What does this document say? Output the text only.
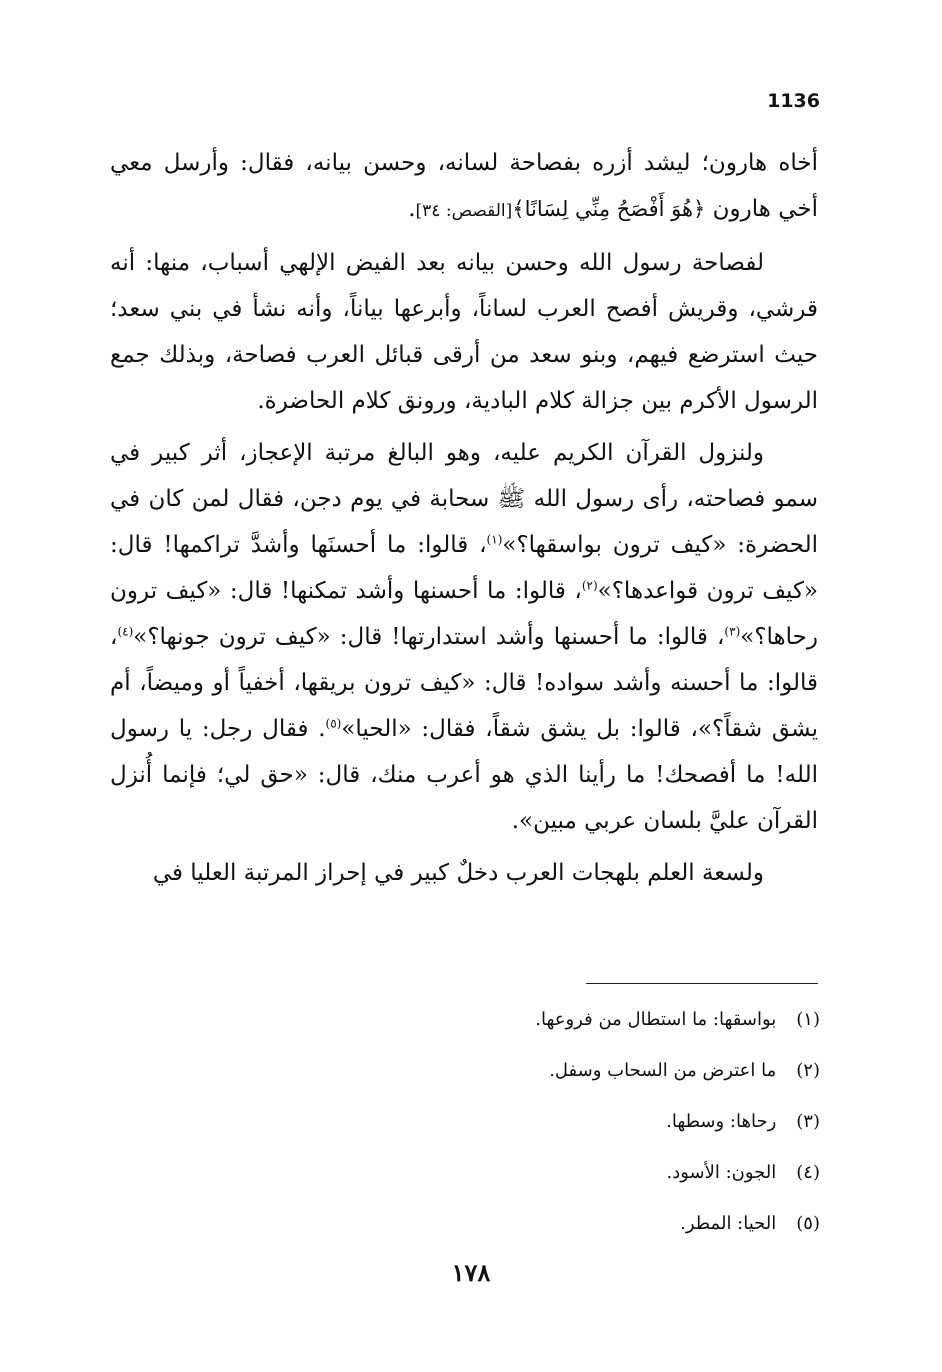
1136

أخاه هارون؛ ليشد أزره بفصاحة لسانه، وحسن بيانه، فقال: وأرسل معي أخي هارون ﴿هُوَ أَفْصَحُ مِنِّي لِسَانًا﴾[القصص: ٣٤].

لفصاحة رسول الله وحسن بيانه بعد الفيض الإلهي أسباب، منها: أنه قرشي، وقريش أفصح العرب لساناً، وأبرعها بياناً، وأنه نشأ في بني سعد؛ حيث استرضع فيهم، وبنو سعد من أرقى قبائل العرب فصاحة، وبذلك جمع الرسول الأكرم بين جزالة كلام البادية، ورونق كلام الحاضرة.

ولنزول القرآن الكريم عليه، وهو البالغ مرتبة الإعجاز، أثر كبير في سمو فصاحته، رأى رسول الله ﷺ سحابة في يوم دجن، فقال لمن كان في الحضرة: «كيف ترون بواسقها؟»$^{(١)}$، قالوا: ما أحسنَها وأشدَّ تراكمها! قال: «كيف ترون قواعدها؟»$^{(٢)}$، قالوا: ما أحسنها وأشد تمكنها! قال: «كيف ترون رحاها؟»$^{(٣)}$، قالوا: ما أحسنها وأشد استدارتها! قال: «كيف ترون جونها؟»$^{(٤)}$، قالوا: ما أحسنه وأشد سواده! قال: «كيف ترون بريقها، أخفياً أو وميضاً، أم يشق شقاً؟»، قالوا: بل يشق شقاً، فقال: «الحيا»$^{(٥)}$. فقال رجل: يا رسول الله! ما أفصحك! ما رأينا الذي هو أعرب منك، قال: «حق لي؛ فإنما أُنزل القرآن عليَّ بلسان عربي مبين».

ولسعة العلم بلهجات العرب دخلٌ كبير في إحراز المرتبة العليا في

(١) بواسقها: ما استطال من فروعها.
(٢) ما اعترض من السحاب وسفل.
(٣) رحاها: وسطها.
(٤) الجون: الأسود.
(٥) الحيا: المطر.
١٧٨
